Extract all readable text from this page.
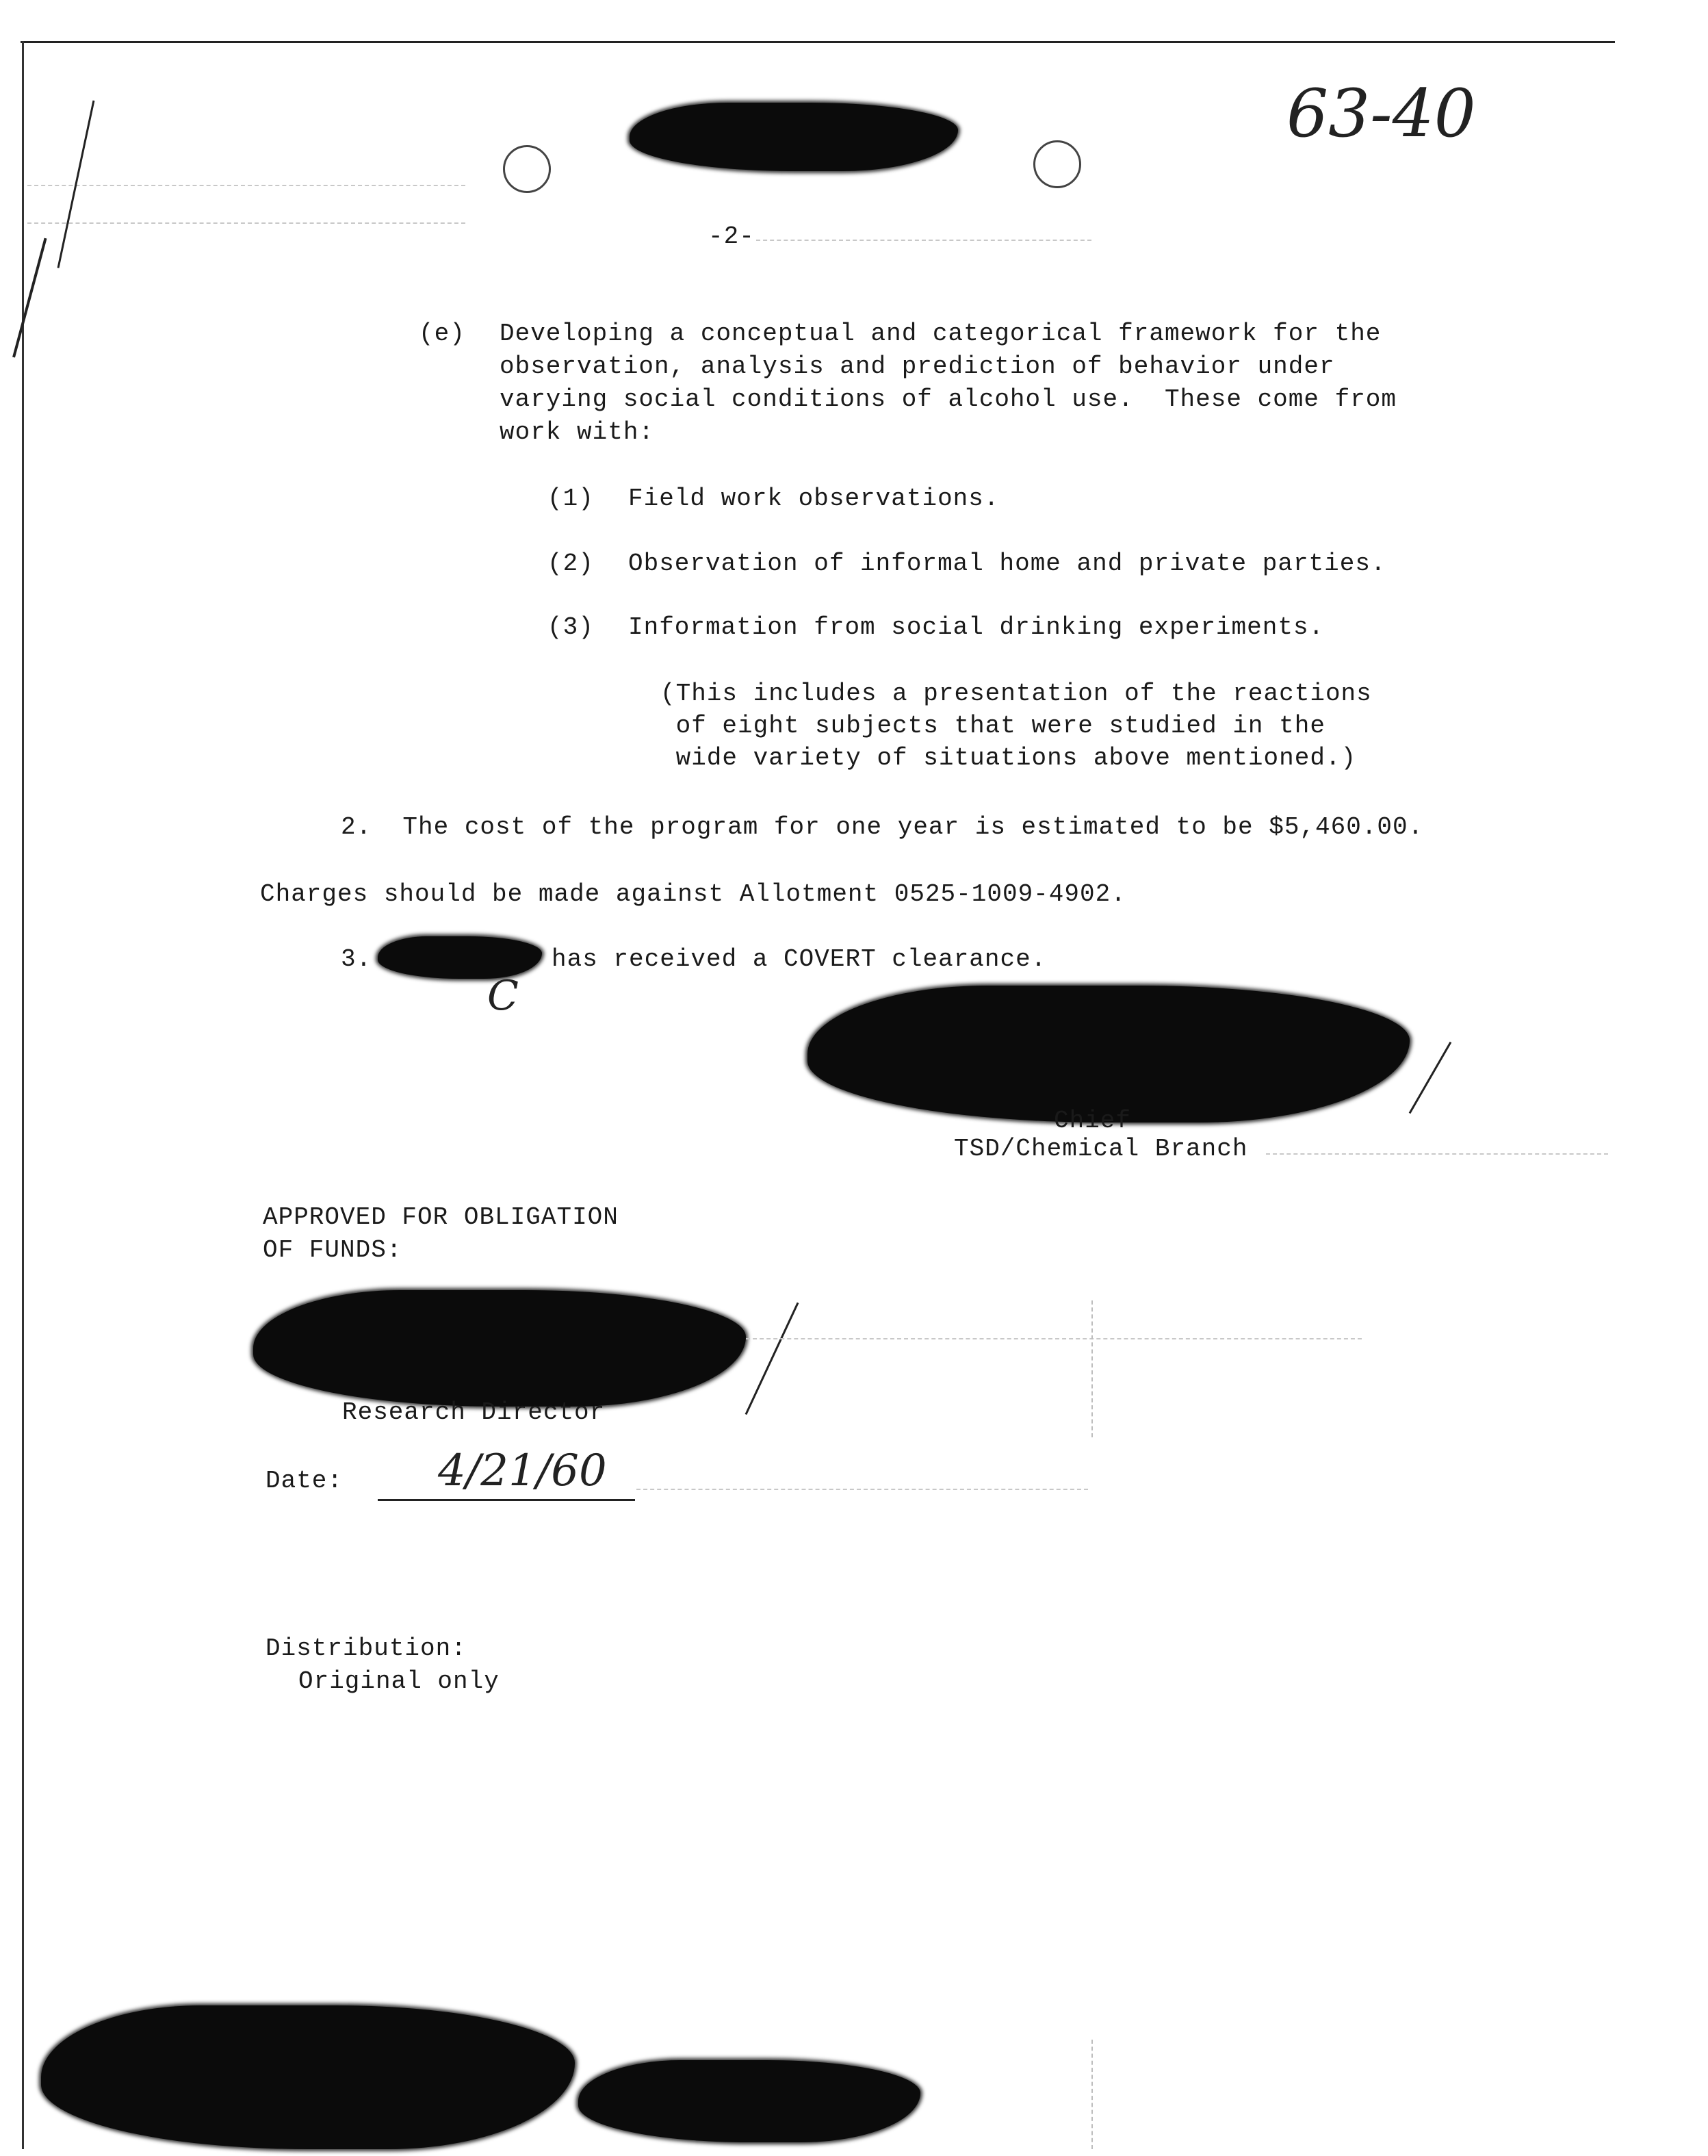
63-40
-2-
(e) Developing a conceptual and categorical framework for the
observation, analysis and prediction of behavior under
varying social conditions of alcohol use.  These come from
work with:
(1) Field work observations.
(2) Observation of informal home and private parties.
(3) Information from social drinking experiments.
(This includes a presentation of the reactions
of eight subjects that were studied in the
wide variety of situations above mentioned.)
2.  The cost of the program for one year is estimated to be $5,460.00.
Charges should be made against Allotment 0525-1009-4902.
3.	has received a COVERT clearance.
C
Chief
TSD/Chemical Branch
APPROVED FOR OBLIGATION
OF FUNDS:
Research Director
Date: 4/21/60
Distribution:
Original only
